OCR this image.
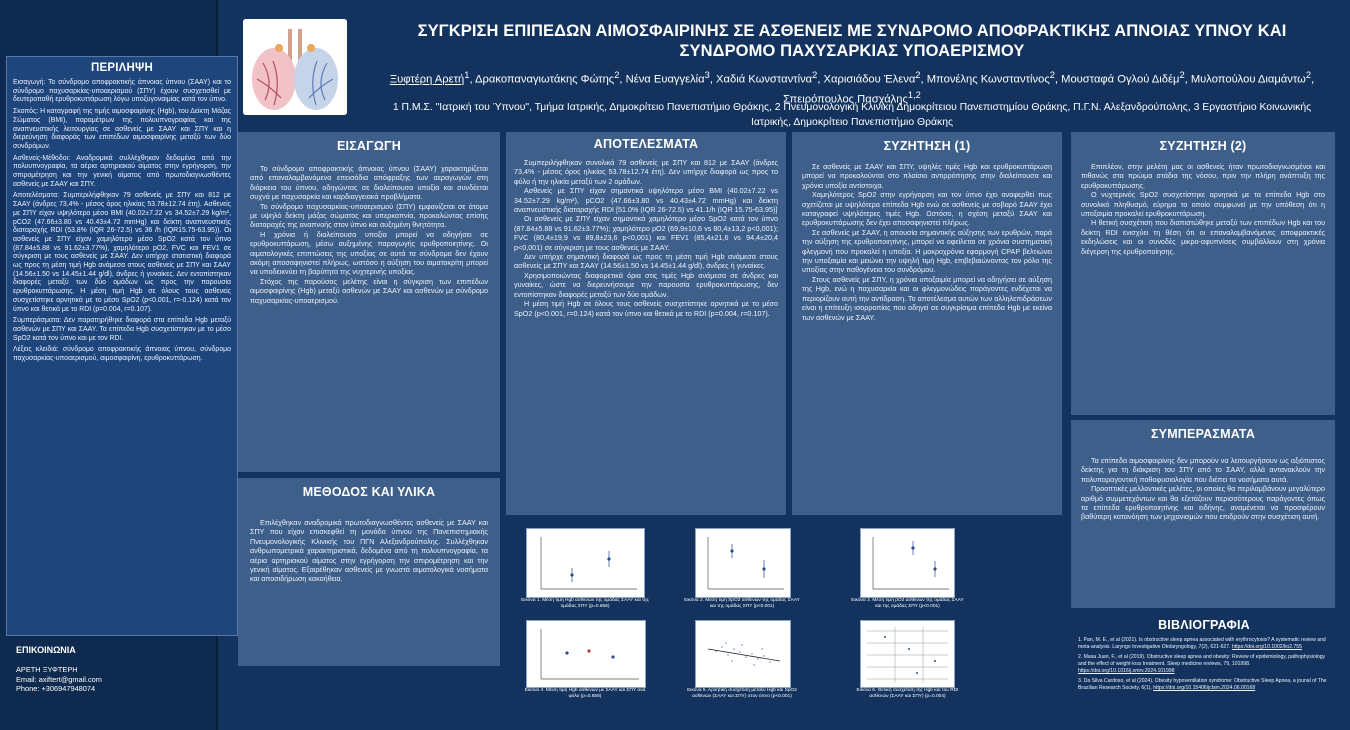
ΣΥΓΚΡΙΣΗ ΕΠΙΠΕΔΩΝ ΑΙΜΟΣΦΑΙΡΙΝΗΣ ΣΕ ΑΣΘΕΝΕΙΣ ΜΕ ΣΥΝΔΡΟΜΟ ΑΠΟΦΡΑΚΤΙΚΗΣ ΑΠΝΟΙΑΣ ΥΠΝΟΥ ΚΑΙ ΣΥΝΔΡΟΜΟ ΠΑΧΥΣΑΡΚΙΑΣ ΥΠΟΑΕΡΙΣΜΟΥ
Ξυφτέρη Αρετή$^1$, Δρακοπαναγιωτάκης Φώτης$^2$, Νένα Ευαγγελία$^3$, Χαδιά Κωνσταντίνα$^2$, Χαρισιάδου Έλενα$^2$, Μπονέλης Κωνσταντίνος$^2$, Μουσταφά Ογλού Διδέμ$^2$, Μυλοπούλου Διαμάντω$^2$, Σπειρόπουλος Πασχάλης$^{1,2}$
1 Π.Μ.Σ. "Ιατρική του Ύπνου", Τμήμα Ιατρικής, Δημοκρίτειο Πανεπιστήμιο Θράκης, 2 Πνευμονολογική Κλινική Δημοκρίτειου Πανεπιστημίου Θράκης, Π.Γ.Ν. Αλεξανδρούπολης, 3 Εργαστήριο Κοινωνικής Ιατρικής, Δημοκρίτειο Πανεπιστήμιο Θράκης
ΠΕΡΙΛΗΨΗ

Εισαγωγή: Το σύνδρομο αποφρακτικής άπνοιας ύπνου (ΣΑΑΥ) και το σύνδρομο παχυσαρκίας-υποαερισμού (ΣΠΥ) έχουν συσχετισθεί με δευτεροπαθή ερυθροκυττάρωση λόγω υποξυγοναιμίας κατά τον ύπνο.

Σκοπός: Η καταγραφή της τιμής αιμοσφαιρίνης (Hgb), του Δείκτη Μάζας Σώματος (ΒΜΙ), παραμέτρων της πολυυπνογραφίας και της αναπνευστικής λειτουργίας σε ασθενείς με ΣΑΑΥ και ΣΠΥ και η διερεύνηση διαφοράς των επιπέδων αιμοσφαιρίνης μεταξύ των δύο συνδρόμων.

Ασθενείς-Μέθοδοι: Αναδρομικά συλλέχθηκαν δεδομένα από την πολυυπνογραφία, τα αέρια αρτηριακού αίματος στην εγρήγορση, την σπιρομέτρηση και την γενική αίματος από πρωτοδιαγνωσθέντες ασθενείς με ΣΑΑΥ και ΣΠΥ.

Αποτελέσματα: Συμπεριλήφθηκαν 79 ασθενείς με ΣΠΥ και 812 με ΣΑΑΥ (άνδρες 73,4% - μέσος όρος ηλικίας 53.78±12.74 έτη). Ασθενείς με ΣΠΥ είχαν υψηλότερο μέσο BMI (40.02±7.22 vs 34.52±7.29 kg/m², pCO2 (47.66±3.80 vs 40.43±4.72 mmHg) και δείκτη αναπνευστικής διαταραχής RDI (53.8% (IQR 26-72.5) vs 36 /h (IQR15.75-63.95)). Οι ασθενείς με ΣΠΥ είχαν χαμηλότερο μέσο SpO2 κατά τον ύπνο (87.84±5.88 vs 91.62±3.77%), χαμηλότερο pO2, FVC και FEV1 σε σύγκριση με τους ασθενείς με ΣΑΑΥ. Δεν υπήρχε στατιστική διαφορά ως προς τη μέση τιμή Hgb ανάμεσα στους ασθενείς με ΣΠΥ και ΣΑΑΥ (14.56±1.50 vs 14.45±1.44 g/dl), άνδρες ή γυναίκες. Δεν εντοπίστηκαν διαφορές μεταξύ των δύο ομάδων ως προς την παρουσία ερυθροκυττάρωσης. Η μέση τιμή Hgb σε όλους τους ασθενείς συσχετίστηκε αρνητικά με το μέσο SpO2 (p<0.001, r=-0.124) κατά τον ύπνο και θετικά με το RDI (p=0.004, r=0.107).

Συμπεράσματα: Δεν παρατηρήθηκε διαφορά στα επίπεδα Hgb μεταξύ ασθενών με ΣΠΥ και ΣΑΑΥ. Τα επίπεδα Hgb συσχετίστηκαν με το μέσο SpO2 κατά τον ύπνο και με τον RDI.

Λέξεις κλειδιά: σύνδρομο αποφρακτικής άπνοιας ύπνου, σύνδρομο παχυσαρκίας-υποαερισμού, αιμοσφαιρίνη, ερυθροκυττάρωση.

ΕΠΙΚΟΙΝΩΝΙΑ
ΑΡΕΤΗ ΞΥΦΤΕΡΗ
Email: axiftert@gmail.com
Phone: +306947948074
ΕΙΣΑΓΩΓΗ

Το σύνδρομο αποφρακτικής άπνοιας ύπνου (ΣΑΑΥ) χαρακτηρίζεται από επαναλαμβανόμενα επεισόδια απόφραξης των αεραγωγών στη διάρκεια του ύπνου, οδηγώντας σε διαλείπουσα υποξία και συνδέεται συχνά με παχυσαρκία και καρδιαγγειακά προβλήματα.

Το σύνδρομο παχυσαρκίας-υποαερισμού (ΣΠΥ) εμφανίζεται σε άτομα με υψηλό δείκτη μάζας σώματος και υπερκαπνία, προκαλώντας επίσης διαταραχές της αναπνοής στον ύπνο και αυξημένη θνητότητα.

Η χρόνια ή διαλείπουσα υποξία μπορεί να οδηγήσει σε ερυθροκυττάρωση, μέσω αυξημένης παραγωγής ερυθροποιητίνης. Οι αιματολογικές επιπτώσεις της υποξίας σε αυτά τα σύνδρομα δεν έχουν ακόμη αποσαφηνιστεί πλήρως, ωστόσο η αύξηση του αιματοκρίτη μπορεί να υποδεικνύει τη βαρύτητα της νυχτερινής υποξίας.

Στόχος της παρούσας μελέτης είναι η σύγκριση των επιπέδων αιμοσφαιρίνης (Hgb) μεταξύ ασθενών με ΣΑΑΥ και ασθενών με σύνδρομο παχυσαρκίας-υποαερισμού.

ΜΕΘΟΔΟΣ ΚΑΙ ΥΛΙΚΑ

Επιλέχθηκαν αναδρομικά πρωτοδιαγνωσθέντες ασθενείς με ΣΑΑΥ και ΣΠΥ που είχαν επισκεφθεί τη μονάδα ύπνου της Πανεπιστημιακής Πνευμονολογικής Κλινικής του ΠΓΝ Αλεξανδρούπολης. Συλλέχθηκαν ανθρωπομετρικά χαρακτηριστικά, δεδομένα από τη πολυυπνογραφία, τα αέρια αρτηριακού αίματος στην εγρήγορση την σπιρομέτρηση και την γενική αίματος. Εξαιρέθηκαν ασθενείς με γνωστά αιματολογικά νοσήματα και αποσιδήρωση κακοήθεια.

ΑΠΟΤΕΛΕΣΜΑΤΑ

Συμπεριλήφθηκαν συνολικά 79 ασθενείς με ΣΠΥ και 812 με ΣΑΑΥ (άνδρες 73,4% - μέσος όρος ηλικίας 53.78±12.74 έτη). Δεν υπήρχε διαφορά ως προς το φύλο ή την ηλικία μεταξύ των 2 ομάδων.

Ασθενείς με ΣΠΥ είχαν σημαντικά υψηλότερο μέσο BMI (40.02±7.22 vs 34.52±7.29 kg/m²), pCO2 (47.66±3.80 vs 40.43±4.72 mmHg) και δείκτη αναπνευστικής διαταραχής RDI [51.0% (IQR 26-72.5) vs 41.1/h (IQR 15.75-63.95)]

Οι ασθενείς με ΣΠΥ είχαν σημαντικά χαμηλότερο μέσο SpO2 κατά τον ύπνο (87.84±5.88 vs 91.62±3.77%); χαμηλότερο pO2 (69,9±10,6 vs 80,4±13,2 p<0,001); FVC (80,4±19,9 vs 89,8±23,6 p<0,001) και FEV1 (85,4±21,6 vs 94,4±20,4 p<0,001) σε σύγκριση με τους ασθενείς με ΣΑΑΥ.

Δεν υπήρχε σημαντική διαφορά ως προς τη μέση τιμή Hgb ανάμεσα στους ασθενείς με ΣΠΥ και ΣΑΑΥ (14.56±1.50 vs 14.45±1.44 g/dl), άνδρες ή γυναίκες.

Χρησιμοποιώντας διαφορετικά όρια στις τιμές Hgb ανάμεσα σε άνδρες και γυναίκες, ώστε να διερευνήσουμε την παρουσία ερυθροκυττάρωσης, δεν εντοπίστηκαν διαφορές μεταξύ των δύο ομάδων.

Η μέση τιμή Hgb σε όλους τους ασθενείς συσχετίστηκε αρνητικά με το μέσο SpO2 (p<0.001, r=0.124) κατά τον ύπνο και θετικά με το RDI (p=0.004, r=0.107).

ΣΥΖΗΤΗΣΗ (1)

Σε ασθενείς με ΣΑΑΥ και ΣΠΥ, υψηλές τιμές Hgb και ερυθροκυττάρωση μπορεί να προκαλούνται στο πλαίσιο αντιρρόπησης στην διαλείπουσα και χρόνια υποξία αντίστοιχα.

Χαμηλότερος SpO2 στην εγρήγορση και τον ύπνο έχει αναφερθεί πως σχετίζεται με υψηλότερα επίπεδα Hgb ενώ σε ασθενείς με σοβαρό ΣΑΑΥ έχει καταγραφεί υψηλότερες τιμές Hgb. Ωστόσο, η σχέση μεταξύ ΣΑΑΥ και ερυθροκυττάρωσης δεν έχει αποσαφηνιστεί πλήρως.

Σε ασθενείς με ΣΑΑΥ, η απουσία σημαντικής αύξησης των ερυθρών, παρά την αύξηση της ερυθροποιητίνης, μπορεί να οφείλεται σε χρόνια συστηματική φλεγμονή που προκαλεί η υποξία. Η μακροχρόνια εφαρμογή CPAP βελτιώνει την υποξαιμία και μειώνει την υψηλή τιμή Hgb, επιβεβαιώνοντας τον ρόλο της υποξίας στην παθογένεια του συνδρόμου.

Στους ασθενείς με ΣΠΥ, η χρόνια υποξαιμία μπορεί να οδηγήσει σε αύξηση της Hgb, ενώ η παχυσαρκία και οι φλεγμονώδεις παράγοντες ενδέχεται να περιορίζουν αυτή την αντίδραση. Το αποτέλεσμα αυτών των αλληλεπιδράσεων είναι η επίτευξη ισορροπίας που οδηγεί σε συγκρίσιμα επίπεδα Hgb με εκείνα των ασθενών με ΣΑΑΥ.

ΣΥΖΗΤΗΣΗ (2)

Επιπλέον, στην μελέτη μας οι ασθενείς ήταν πρωτοδιαγνωσμένοι και πιθανώς στα πρώιμα στάδια της νόσου, πριν την πλήρη ανάπτυξη της ερυθροκυττάρωσης.

Ο νυχτερινός SpO2 συσχετίστηκε αρνητικά με τα επίπεδα Hgb στο συνολικό πληθυσμό, εύρημα το οποίο συμφωνεί με την υπόθεση ότι η υποξαιμία προκαλεί ερυθροκυττάρωση.

Η θετική συσχέτιση που διαπιστώθηκε μεταξύ των επιπέδων Hgb και του δείκτη RDI ενισχύει τη θέση ότι οι επαναλαμβανόμενες αποφρακτικές εκδηλώσεις και οι συνοδές μικρο-αφυπνίσεις συμβάλλουν στη χρόνια διέγερση της ερυθροποίησης.

ΣΥΜΠΕΡΑΣΜΑΤΑ

Τα επίπεδα αιμοσφαιρίνης δεν μπορούν να λειτουργήσουν ως αξιόπιστος δείκτης για τη διάκριση του ΣΠΥ από το ΣΑΑΥ, αλλά αντανακλούν την πολυπαραγοντική παθοφυσιολογία που διέπει τα νοσήματα αυτά.

Προοπτικές μελλοντικές μελέτες, οι οποίες θα περιλαμβάνουν μεγαλύτερο αριθμό συμμετεχόντων και θα εξετάζουν περισσότερους παράγοντες όπως τα επίπεδα ερυθροποιητίνης και ειδήνης, αναμένεται να προσφέρουν βαθύτερη κατανόηση των μηχανισμών που επιδρούν στην συσχέτιση αυτή.

ΒΙΒΛΙΟΓΡΑΦΙΑ
1. Pan, M. E., et al (2021). Is obstructive sleep apnea associated with erythrocytosis? A systematic review and meta-analysis. Laryngo Investigative Otolaryngology, 7(2), 621-627. https://doi.org/10.1002/lio2.755
2. Masa Juan, F., et al (2019). Obstructive sleep apnea and obesity: Review of epidemiology, pathophysiology and the effect of weight-loss treatment. Sleep medicine reviews, 79, 101998. https://doi.org/10.1016/j.smrv.2024.101998
3. Da Silva Cardoso, et al (2024). Obesity hypoventilation syndrome: Obstructive Sleep Apnea, a jounal of The Brazilian Research Society, 6(1), https://doi.org/10.15406/jclsm.2024.06.00168
Εικόνα 1. Μέση τιμή Hgb ασθενών της ομάδας ΣΑΑΥ και της ομάδας ΣΠΥ (p=0.658)
Εικόνα 2. Μέση τιμή SpO2 ασθενών της ομάδας ΣΑΑΥ και της ομάδας ΣΠΥ (p<0.001)
Εικόνα 3. Μέση τιμή pO2 ασθενών της ομάδας ΣΑΑΥ και της ομάδας ΣΠΥ (p<0.001)
Εικόνα 4. Μέση τιμή Hgb ασθενών με ΣΑΑΥ και ΣΠΥ ανά φύλο (p=0.658)
Εικόνα 5. Αρνητική συσχέτιση μεταξύ Hgb και SpO2 ασθενών (ΣΑΑΥ και ΣΠΥ) στον ύπνο (p<0.001)
Εικόνα 6. Θετική συσχέτιση της Hgb και του RDI ασθενών (ΣΑΑΥ και ΣΠΥ) (p=0.004)
